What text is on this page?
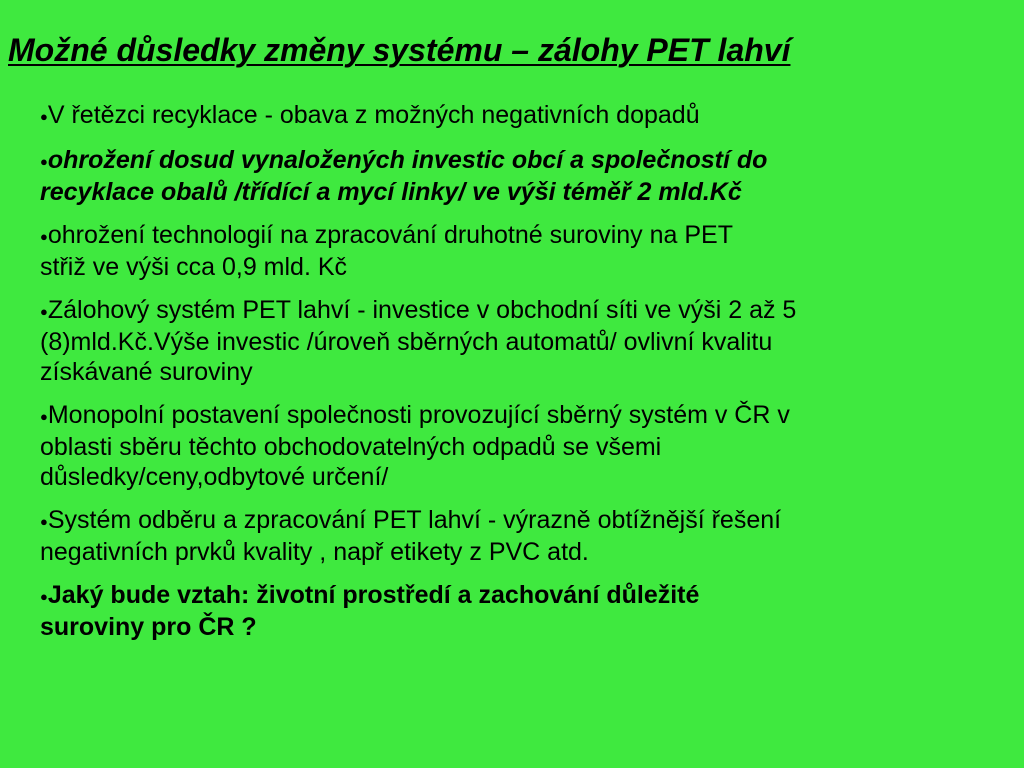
Možné důsledky změny systému – zálohy PET lahví
●V řetězci recyklace - obava z možných negativních dopadů
●ohrožení dosud vynaložených investic obcí a společností do
recyklace obalů /třídící a mycí linky/ ve výši téměř 2 mld.Kč
●ohrožení technologií na zpracování druhotné suroviny na PET
střiž ve výši cca 0,9 mld. Kč
●Zálohový systém PET lahví - investice v obchodní síti ve výši 2 až 5
(8)mld.Kč.Výše investic /úroveň sběrných automatů/ ovlivní kvalitu
získávané suroviny
●Monopolní postavení společnosti provozující sběrný systém v ČR v
oblasti sběru těchto obchodovatelných odpadů se všemi
důsledky/ceny,odbytové určení/
●Systém odběru a zpracování PET lahví - výrazně obtížnější řešení
negativních prvků kvality , např etikety z PVC atd.
●Jaký bude vztah: životní prostředí a zachování důležité
suroviny pro ČR ?
